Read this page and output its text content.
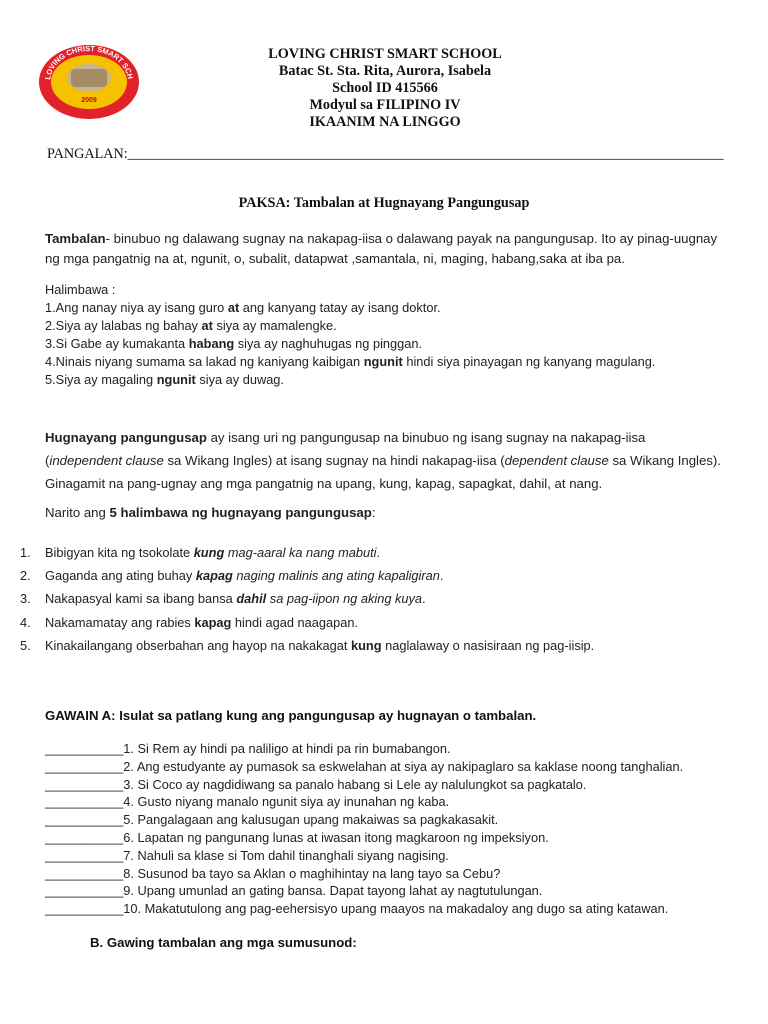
LOVING CHRIST SMART SCH
2009
LOVING CHRIST SMART SCHOOL
Batac St. Sta. Rita, Aurora, Isabela
School ID 415566
Modyul sa FILIPINO IV
IKAANIM NA LINGGO
PANGALAN:____________________________________________________________________________________
PAKSA: Tambalan at Hugnayang Pangungusap
Tambalan- binubuo ng dalawang sugnay na nakapag-iisa o dalawang payak na pangungusap. Ito ay pinag-uugnay ng mga pangatnig na at, ngunit, o, subalit, datapwat ,samantala, ni, maging, habang,saka at iba pa.
Halimbawa :
1.Ang nanay niya ay isang guro at ang kanyang tatay ay isang doktor.
2.Siya ay lalabas ng bahay at siya ay mamalengke.
3.Si Gabe ay kumakanta habang siya ay naghuhugas ng pinggan.
4.Ninais niyang sumama sa lakad ng kaniyang kaibigan ngunit hindi siya pinayagan ng kanyang magulang.
5.Siya ay magaling ngunit siya ay duwag.
Hugnayang pangungusap ay isang uri ng pangungusap na binubuo ng isang sugnay na nakapag-iisa (independent clause sa Wikang Ingles) at isang sugnay na hindi nakapag-iisa (dependent clause sa Wikang Ingles). Ginagamit na pang-ugnay ang mga pangatnig na upang, kung, kapag, sapagkat, dahil, at nang.
Narito ang 5 halimbawa ng hugnayang pangungusap:
1. Bibigyan kita ng tsokolate kung mag-aaral ka nang mabuti.
2. Gaganda ang ating buhay kapag naging malinis ang ating kapaligiran.
3. Nakapasyal kami sa ibang bansa dahil sa pag-iipon ng aking kuya.
4. Nakamamatay ang rabies kapag hindi agad naagapan.
5. Kinakailangang obserbahan ang hayop na nakakagat kung naglalaway o nasisiraan ng pag-iisip.
GAWAIN A: Isulat sa patlang kung ang pangungusap ay hugnayan o tambalan.
___________1. Si Rem ay hindi pa naliligo at hindi pa rin bumabangon.
___________2. Ang estudyante ay pumasok sa eskwelahan at siya ay nakipaglaro sa kaklase noong tanghalian.
___________3. Si Coco ay nagdidiwang sa panalo habang si Lele ay nalulungkot sa pagkatalo.
___________4. Gusto niyang manalo ngunit siya ay inunahan ng kaba.
___________5. Pangalagaan ang kalusugan upang makaiwas sa pagkakasakit.
___________6. Lapatan ng pangunang lunas at iwasan itong magkaroon ng impeksiyon.
___________7. Nahuli sa klase si Tom dahil tinanghali siyang nagising.
___________8. Susunod ba tayo sa Aklan o maghihintay na lang tayo sa Cebu?
___________9. Upang umunlad an gating bansa. Dapat tayong lahat ay nagtutulungan.
___________10. Makatutulong ang pag-eehersisyo upang maayos na makadaloy ang dugo sa ating katawan.
B. Gawing tambalan ang mga sumusunod:
